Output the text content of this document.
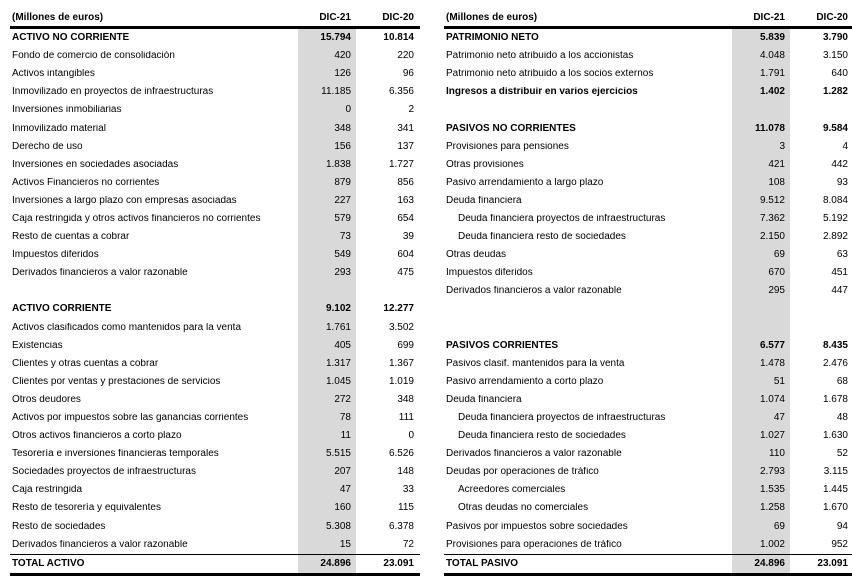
(Millones de euros)	DIC-21	DIC-20
ACTIVO NO CORRIENTE	15.794	10.814
Fondo de comercio de consolidación	420	220
Activos intangibles	126	96
Inmovilizado en proyectos de infraestructuras	11.185	6.356
Inversiones inmobiliarias	0	2
Inmovilizado material	348	341
Derecho de uso	156	137
Inversiones en sociedades asociadas	1.838	1.727
Activos Financieros no corrientes	879	856
Inversiones a largo plazo con empresas asociadas	227	163
Caja restringida y otros activos financieros no corrientes	579	654
Resto de cuentas a cobrar	73	39
Impuestos diferidos	549	604
Derivados financieros a valor razonable	293	475
ACTIVO CORRIENTE	9.102	12.277
Activos clasificados como mantenidos para la venta	1.761	3.502
Existencias	405	699
Clientes y otras cuentas a cobrar	1.317	1.367
Clientes por ventas y prestaciones de servicios	1.045	1.019
Otros deudores	272	348
Activos por impuestos sobre las ganancias corrientes	78	111
Otros activos financieros a corto plazo	11	0
Tesorería e inversiones financieras temporales	5.515	6.526
Sociedades proyectos de infraestructuras	207	148
Caja restringida	47	33
Resto de tesorería y equivalentes	160	115
Resto de sociedades	5.308	6.378
Derivados financieros a valor razonable	15	72
TOTAL ACTIVO	24.896	23.091
(Millones de euros)	DIC-21	DIC-20
PATRIMONIO NETO	5.839	3.790
Patrimonio neto atribuido a los accionistas	4.048	3.150
Patrimonio neto atribuido a los socios externos	1.791	640
Ingresos a distribuir en varios ejercicios	1.402	1.282
PASIVOS NO CORRIENTES	11.078	9.584
Provisiones para pensiones	3	4
Otras provisiones	421	442
Pasivo arrendamiento a largo plazo	108	93
Deuda financiera	9.512	8.084
Deuda financiera proyectos de infraestructuras	7.362	5.192
Deuda financiera resto de sociedades	2.150	2.892
Otras deudas	69	63
Impuestos diferidos	670	451
Derivados financieros a valor razonable	295	447
PASIVOS CORRIENTES	6.577	8.435
Pasivos clasif. mantenidos para la venta	1.478	2.476
Pasivo arrendamiento a corto plazo	51	68
Deuda financiera	1.074	1.678
Deuda financiera proyectos de infraestructuras	47	48
Deuda financiera resto de sociedades	1.027	1.630
Derivados financieros a valor razonable	110	52
Deudas por operaciones de tráfico	2.793	3.115
Acreedores comerciales	1.535	1.445
Otras deudas no comerciales	1.258	1.670
Pasivos por impuestos sobre sociedades	69	94
Provisiones para operaciones de tráfico	1.002	952
TOTAL PASIVO	24.896	23.091
